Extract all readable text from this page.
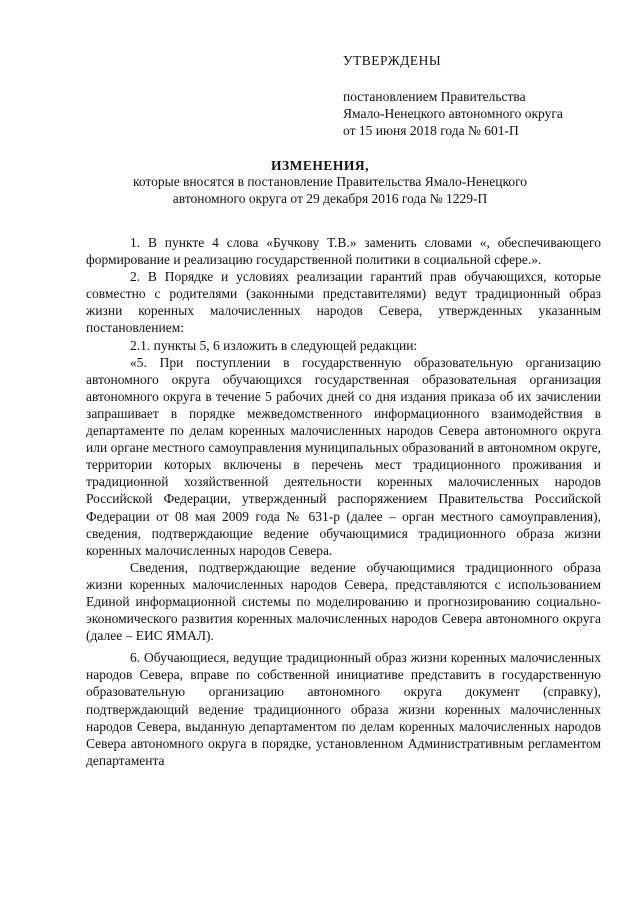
УТВЕРЖДЕНЫ
постановлением Правительства
Ямало-Ненецкого автономного округа
от 15 июня 2018 года № 601-П
ИЗМЕНЕНИЯ,
которые вносятся в постановление Правительства Ямало-Ненецкого автономного округа от 29 декабря 2016 года № 1229-П

1. В пункте 4 слова «Бучкову Т.В.» заменить словами «, обеспечивающего формирование и реализацию государственной политики в социальной сфере.».

2. В Порядке и условиях реализации гарантий прав обучающихся, которые совместно с родителями (законными представителями) ведут традиционный образ жизни коренных малочисленных народов Севера, утвержденных указанным постановлением:

2.1. пункты 5, 6 изложить в следующей редакции:

«5. При поступлении в государственную образовательную организацию автономного округа обучающихся государственная образовательная организация автономного округа в течение 5 рабочих дней со дня издания приказа об их зачислении запрашивает в порядке межведомственного информационного взаимодействия в департаменте по делам коренных малочисленных народов Севера автономного округа или органе местного самоуправления муниципальных образований в автономном округе, территории которых включены в перечень мест традиционного проживания и традиционной хозяйственной деятельности коренных малочисленных народов Российской Федерации, утвержденный распоряжением Правительства Российской Федерации от 08 мая 2009 года № 631-р (далее – орган местного самоуправления), сведения, подтверждающие ведение обучающимися традиционного образа жизни коренных малочисленных народов Севера.

Сведения, подтверждающие ведение обучающимися традиционного образа жизни коренных малочисленных народов Севера, представляются с использованием Единой информационной системы по моделированию и прогнозированию социально-экономического развития коренных малочисленных народов Севера автономного округа (далее – ЕИС ЯМАЛ).

6. Обучающиеся, ведущие традиционный образ жизни коренных малочисленных народов Севера, вправе по собственной инициативе представить в государственную образовательную организацию автономного округа документ (справку), подтверждающий ведение традиционного образа жизни коренных малочисленных народов Севера, выданную департаментом по делам коренных малочисленных народов Севера автономного округа в порядке, установленном Административным регламентом департамента
